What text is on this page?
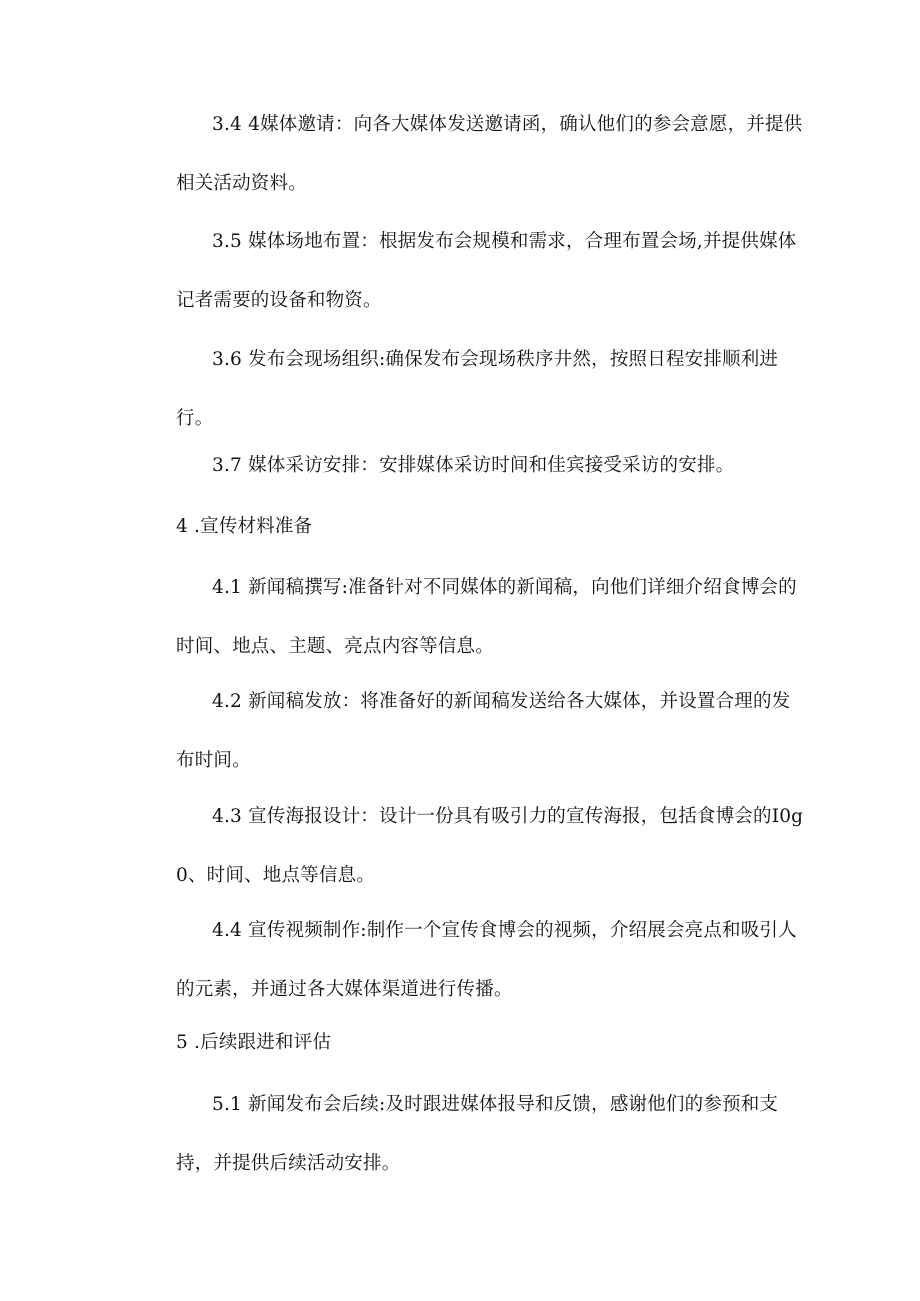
3.4 4媒体邀请：向各大媒体发送邀请函，确认他们的参会意愿，并提供相关活动资料。

3.5 媒体场地布置：根据发布会规模和需求，合理布置会场,并提供媒体记者需要的设备和物资。

3.6 发布会现场组织:确保发布会现场秩序井然，按照日程安排顺利进行。

3.7 媒体采访安排：安排媒体采访时间和佳宾接受采访的安排。

4 .宣传材料准备

4.1 新闻稿撰写:准备针对不同媒体的新闻稿，向他们详细介绍食博会的时间、地点、主题、亮点内容等信息。

4.2 新闻稿发放：将准备好的新闻稿发送给各大媒体，并设置合理的发布时间。

4.3 宣传海报设计：设计一份具有吸引力的宣传海报，包括食博会的I0g0、时间、地点等信息。

4.4 宣传视频制作:制作一个宣传食博会的视频，介绍展会亮点和吸引人的元素，并通过各大媒体渠道进行传播。

5 .后续跟进和评估

5.1 新闻发布会后续:及时跟进媒体报导和反馈，感谢他们的参预和支持，并提供后续活动安排。
